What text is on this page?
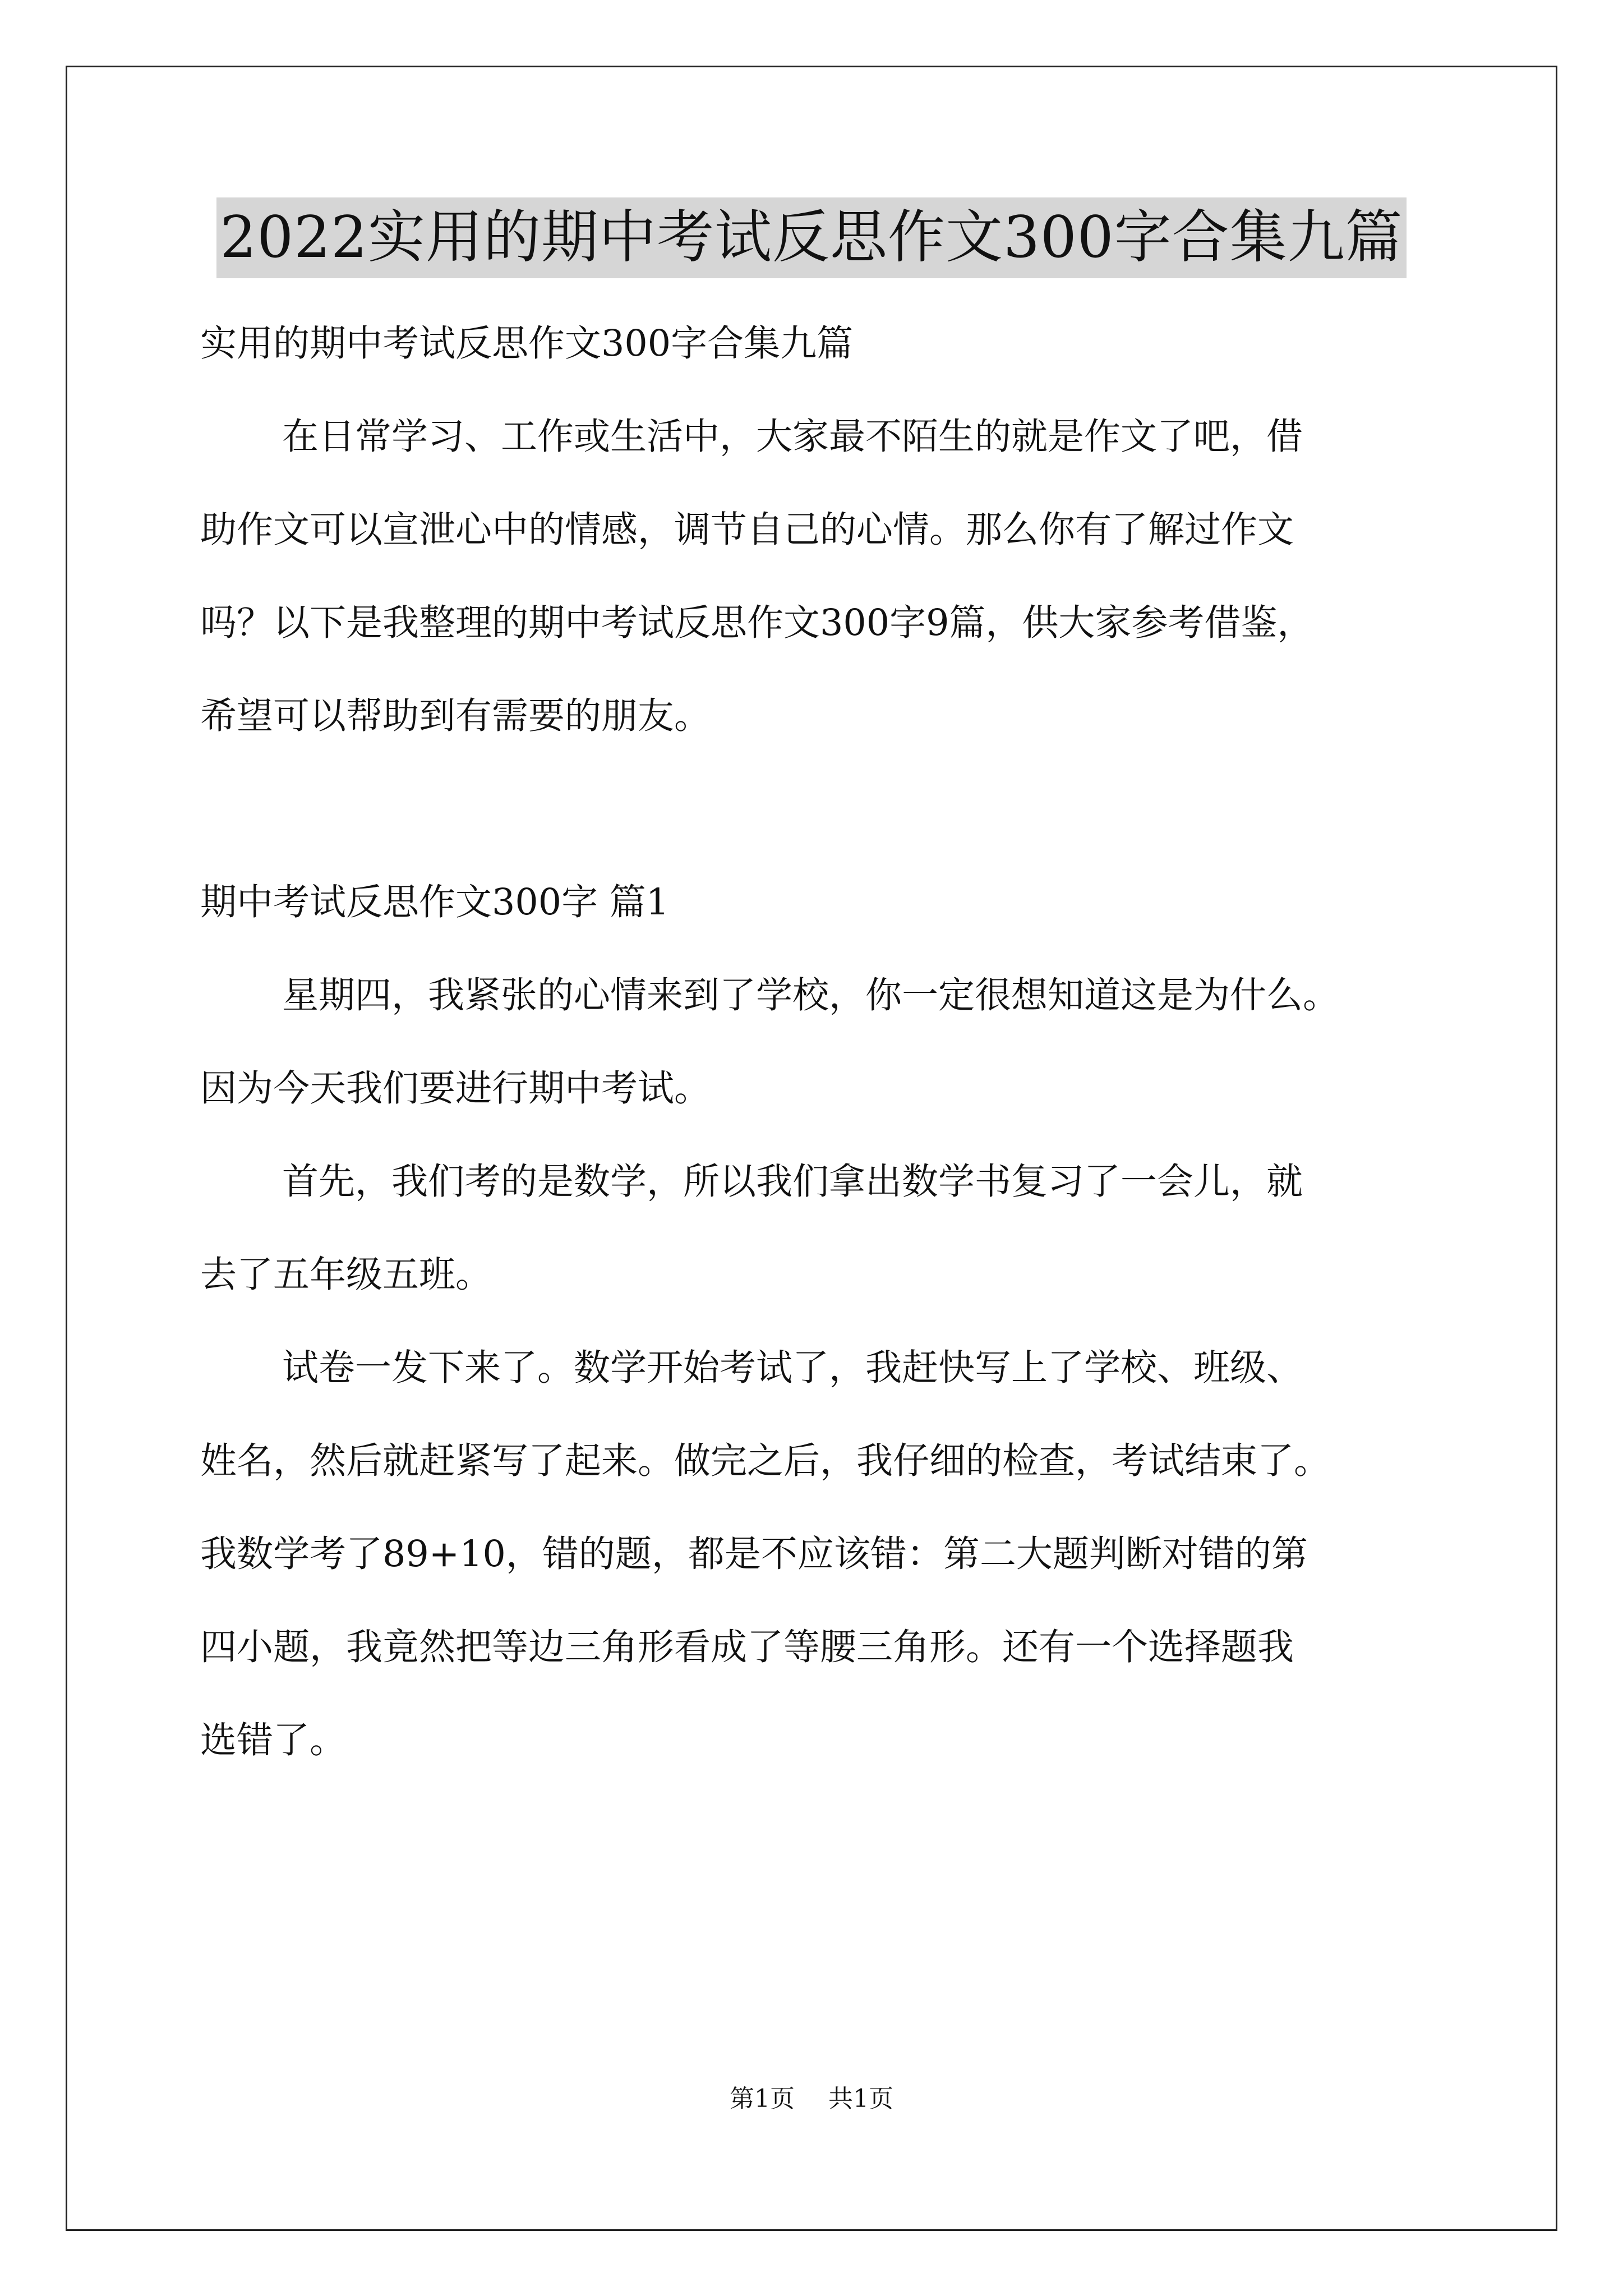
2022实用的期中考试反思作文300字合集九篇

实用的期中考试反思作文300字合集九篇

在日常学习、工作或生活中，大家最不陌生的就是作文了吧，借

助作文可以宣泄心中的情感，调节自己的心情。那么你有了解过作文

吗？以下是我整理的期中考试反思作文300字9篇，供大家参考借鉴，

希望可以帮助到有需要的朋友。

期中考试反思作文300字 篇1

星期四，我紧张的心情来到了学校，你一定很想知道这是为什么。

因为今天我们要进行期中考试。

首先，我们考的是数学，所以我们拿出数学书复习了一会儿，就

去了五年级五班。

试卷一发下来了。数学开始考试了，我赶快写上了学校、班级、

姓名，然后就赶紧写了起来。做完之后，我仔细的检查，考试结束了。

我数学考了89+10，错的题，都是不应该错：第二大题判断对错的第

四小题，我竟然把等边三角形看成了等腰三角形。还有一个选择题我

选错了。

第1页 共1页
